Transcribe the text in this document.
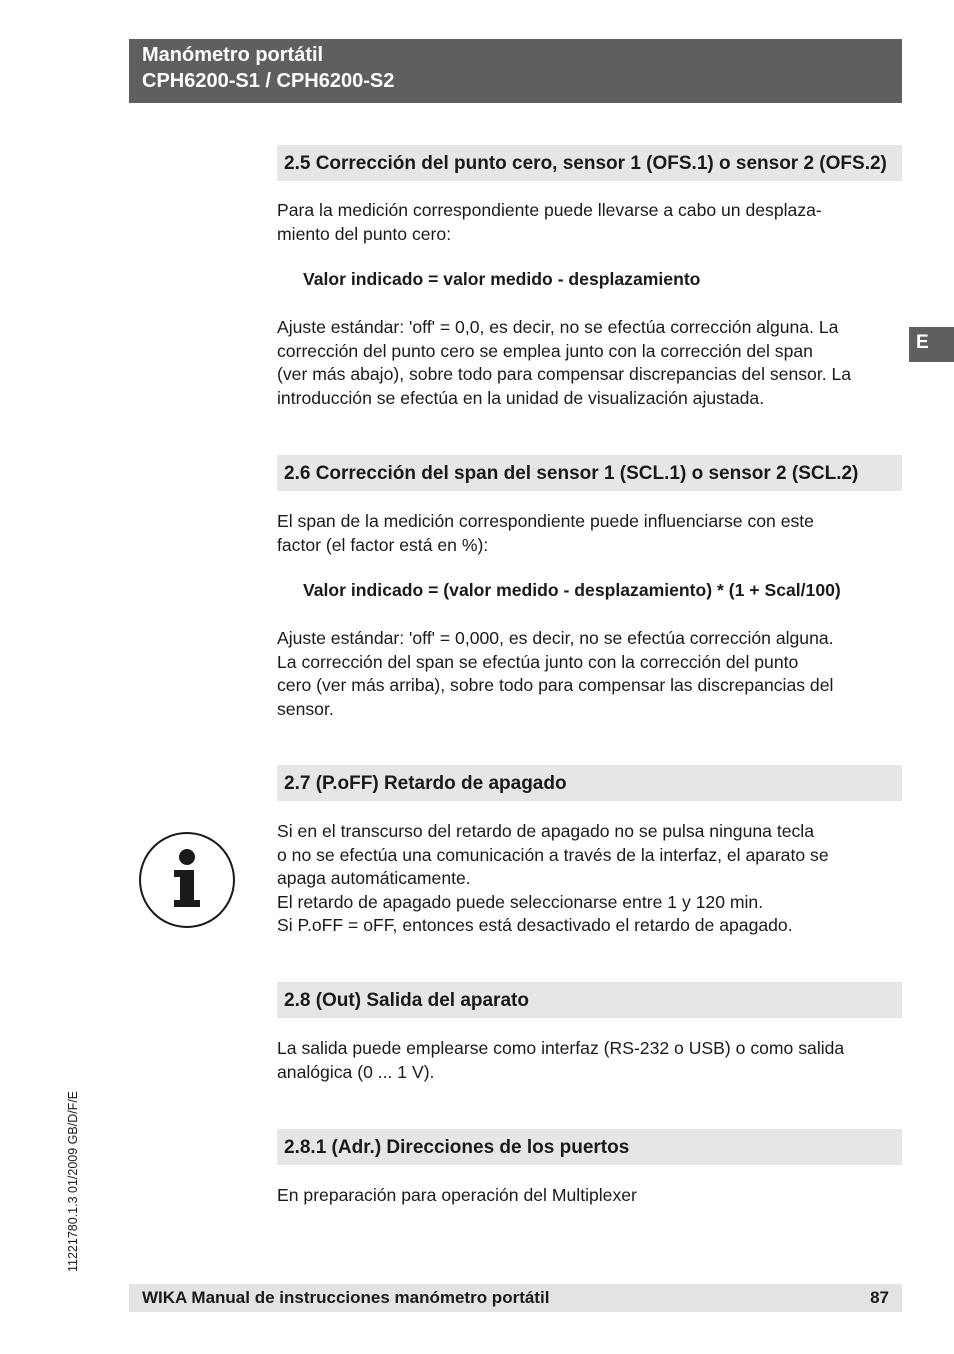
Manómetro portátil
CPH6200-S1 / CPH6200-S2
E
2.5 Corrección del punto cero, sensor 1 (OFS.1) o sensor 2 (OFS.2)
Para la medición correspondiente puede llevarse a cabo un desplaza-
miento del punto cero:
Valor indicado = valor medido - desplazamiento
Ajuste estándar: 'off' = 0,0, es decir, no se efectúa corrección alguna. La
corrección del punto cero se emplea junto con la corrección del span
(ver más abajo), sobre todo para compensar discrepancias del sensor. La
introducción se efectúa en la unidad de visualización ajustada.
2.6 Corrección del span del sensor 1 (SCL.1) o sensor 2 (SCL.2)
El span de la medición correspondiente puede influenciarse con este
factor (el factor está en %):
Valor indicado = (valor medido - desplazamiento) * (1 + Scal/100)
Ajuste estándar: 'off' = 0,000, es decir, no se efectúa corrección alguna.
La corrección del span se efectúa junto con la corrección del punto
cero (ver más arriba), sobre todo para compensar las discrepancias del
sensor.
2.7 (P.oFF) Retardo de apagado
Si en el transcurso del retardo de apagado no se pulsa ninguna tecla
o no se efectúa una comunicación a través de la interfaz, el aparato se
apaga automáticamente.
El retardo de apagado puede seleccionarse entre 1 y 120 min.
Si P.oFF = oFF, entonces está desactivado el retardo de apagado.
2.8 (Out) Salida del aparato
La salida puede emplearse como interfaz (RS-232 o USB) o como salida
analógica (0 ... 1 V).
2.8.1 (Adr.) Direcciones de los puertos
En preparación para operación del Multiplexer
11221780.1.3 01/2009 GB/D/F/E
WIKA Manual de instrucciones manómetro portátil	87
